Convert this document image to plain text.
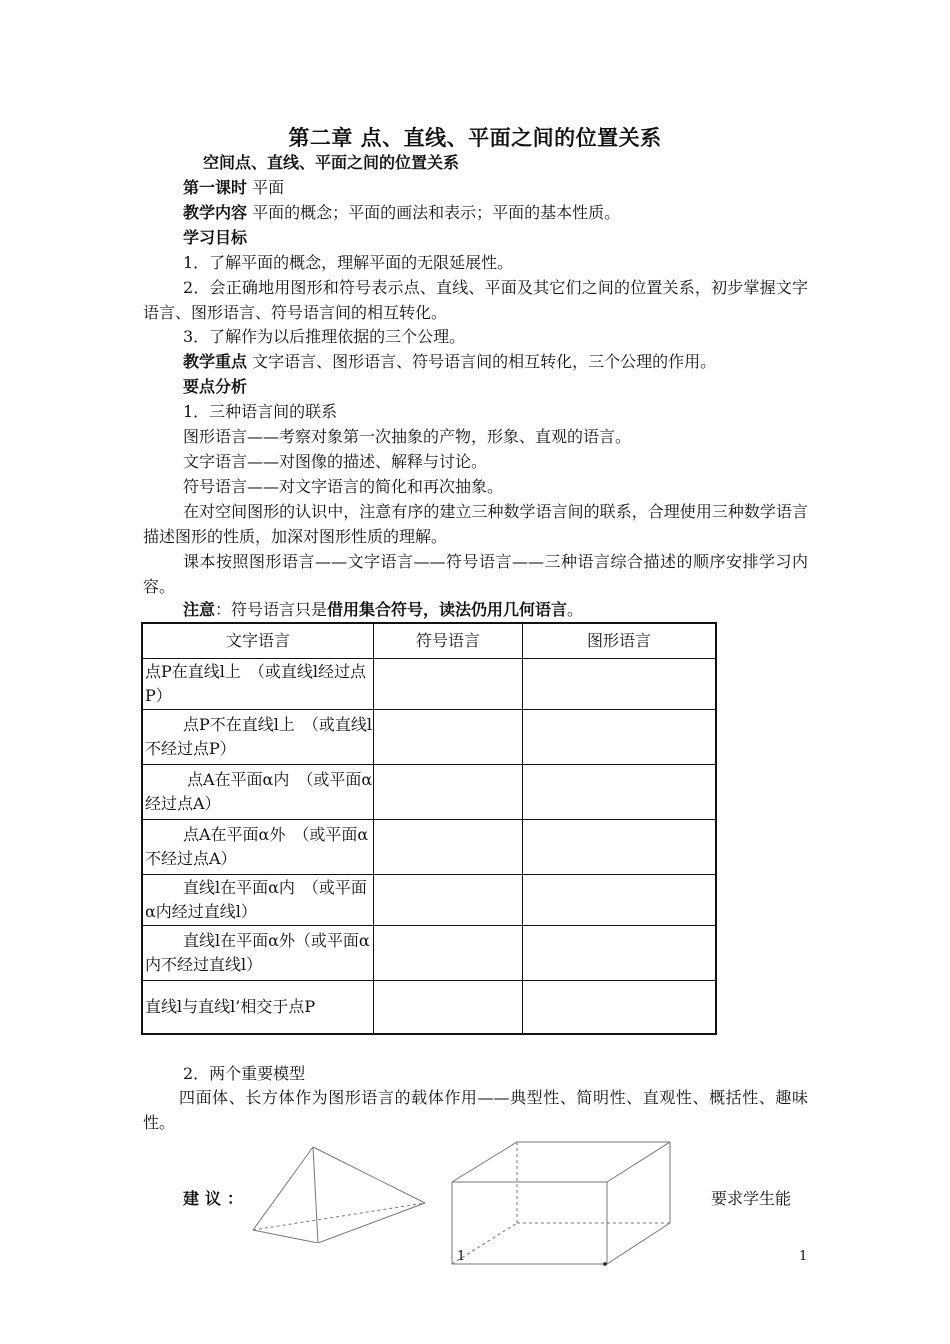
第二章 点、直线、平面之间的位置关系
空间点、直线、平面之间的位置关系
第一课时 平面
教学内容 平面的概念；平面的画法和表示；平面的基本性质。
学习目标
1．了解平面的概念，理解平面的无限延展性。
2．会正确地用图形和符号表示点、直线、平面及其它们之间的位置关系，初步掌握文字语言、图形语言、符号语言间的相互转化。
3．了解作为以后推理依据的三个公理。
教学重点 文字语言、图形语言、符号语言间的相互转化，三个公理的作用。
要点分析
1．三种语言间的联系
图形语言——考察对象第一次抽象的产物，形象、直观的语言。
文字语言——对图像的描述、解释与讨论。
符号语言——对文字语言的简化和再次抽象。
在对空间图形的认识中，注意有序的建立三种数学语言间的联系，合理使用三种数学语言描述图形的性质，加深对图形性质的理解。
课本按照图形语言——文字语言——符号语言——三种语言综合描述的顺序安排学习内容。
注意：符号语言只是借用集合符号，读法仍用几何语言。
文字语言	符号语言	图形语言

点P在直线l上　（或直线l经过点P）		

点P不在直线l上　（或直线l不经过点P）		

点A在平面α内　（或平面α经过点A）		

点A在平面α外　（或平面α不经过点A）		

直线l在平面α内　（或平面α内经过直线l）		

直线l在平面α外（或平面α内不经过直线l）		

直线l与直线l’相交于点P		

2．两个重要模型
四面体、长方体作为图形语言的载体作用——典型性、简明性、直观性、概括性、趣味性。
建议：	要求学生能
1	1
